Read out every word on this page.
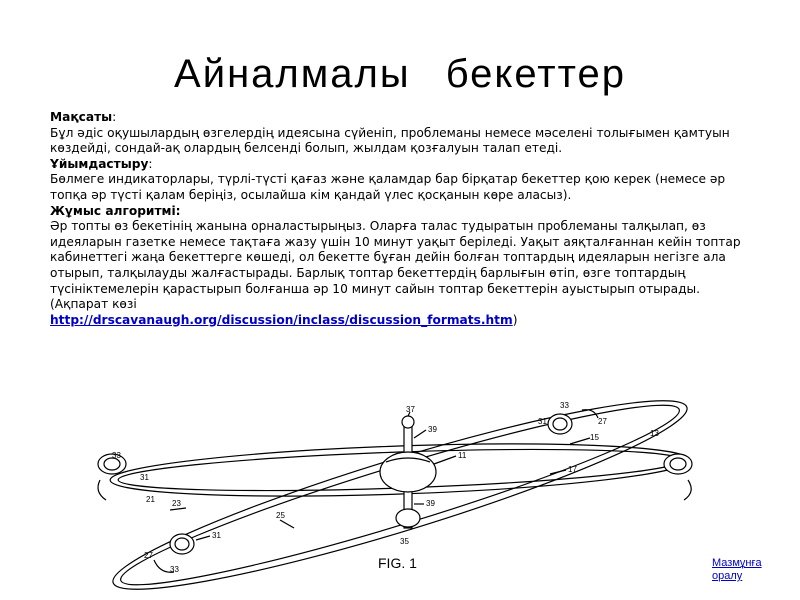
Айналмалы бекеттер

Мақсаты:

Бұл әдіс оқушылардың өзгелердің идеясына сүйеніп, проблеманы немесе мәселені толығымен қамтуын көздейді, сондай-ақ олардың белсенді болып, жылдам қозғалуын талап етеді.

Ұйымдастыру:

Бөлмеге индикаторлары, түрлі-түсті қағаз және қаламдар бар бірқатар бекеттер қою керек (немесе әр топқа әр түсті қалам беріңіз, осылайша кім қандай үлес қосқанын көре аласыз).

Жұмыс алгоритмі:

Әр топты өз бекетінің жанына орналастырыңыз. Оларға талас тудыратын проблеманы талқылап, өз идеяларын газетке немесе тақтаға жазу үшін 10 минут уақыт беріледі. Уақыт аяқталғаннан кейін топтар кабинеттегі жаңа бекеттерге көшеді, ол бекетте бұған дейін болған топтардың идеяларын негізге ала отырып, талқылауды жалғастырады. Барлық топтар бекеттердің барлығын өтіп, өзге топтардың түсініктемелерін қарастырып болғанша әр 10 минут сайын топтар бекеттерін ауыстырып отырады.

(Ақпарат көзі

http://drscavanaugh.org/discussion/inclass/discussion_formats.htm)

37
39
11
33
27
15	13
17
31
33
31
21 23
25
39
35
31
27
33	FIG. 1	Мазмұнға оралу
